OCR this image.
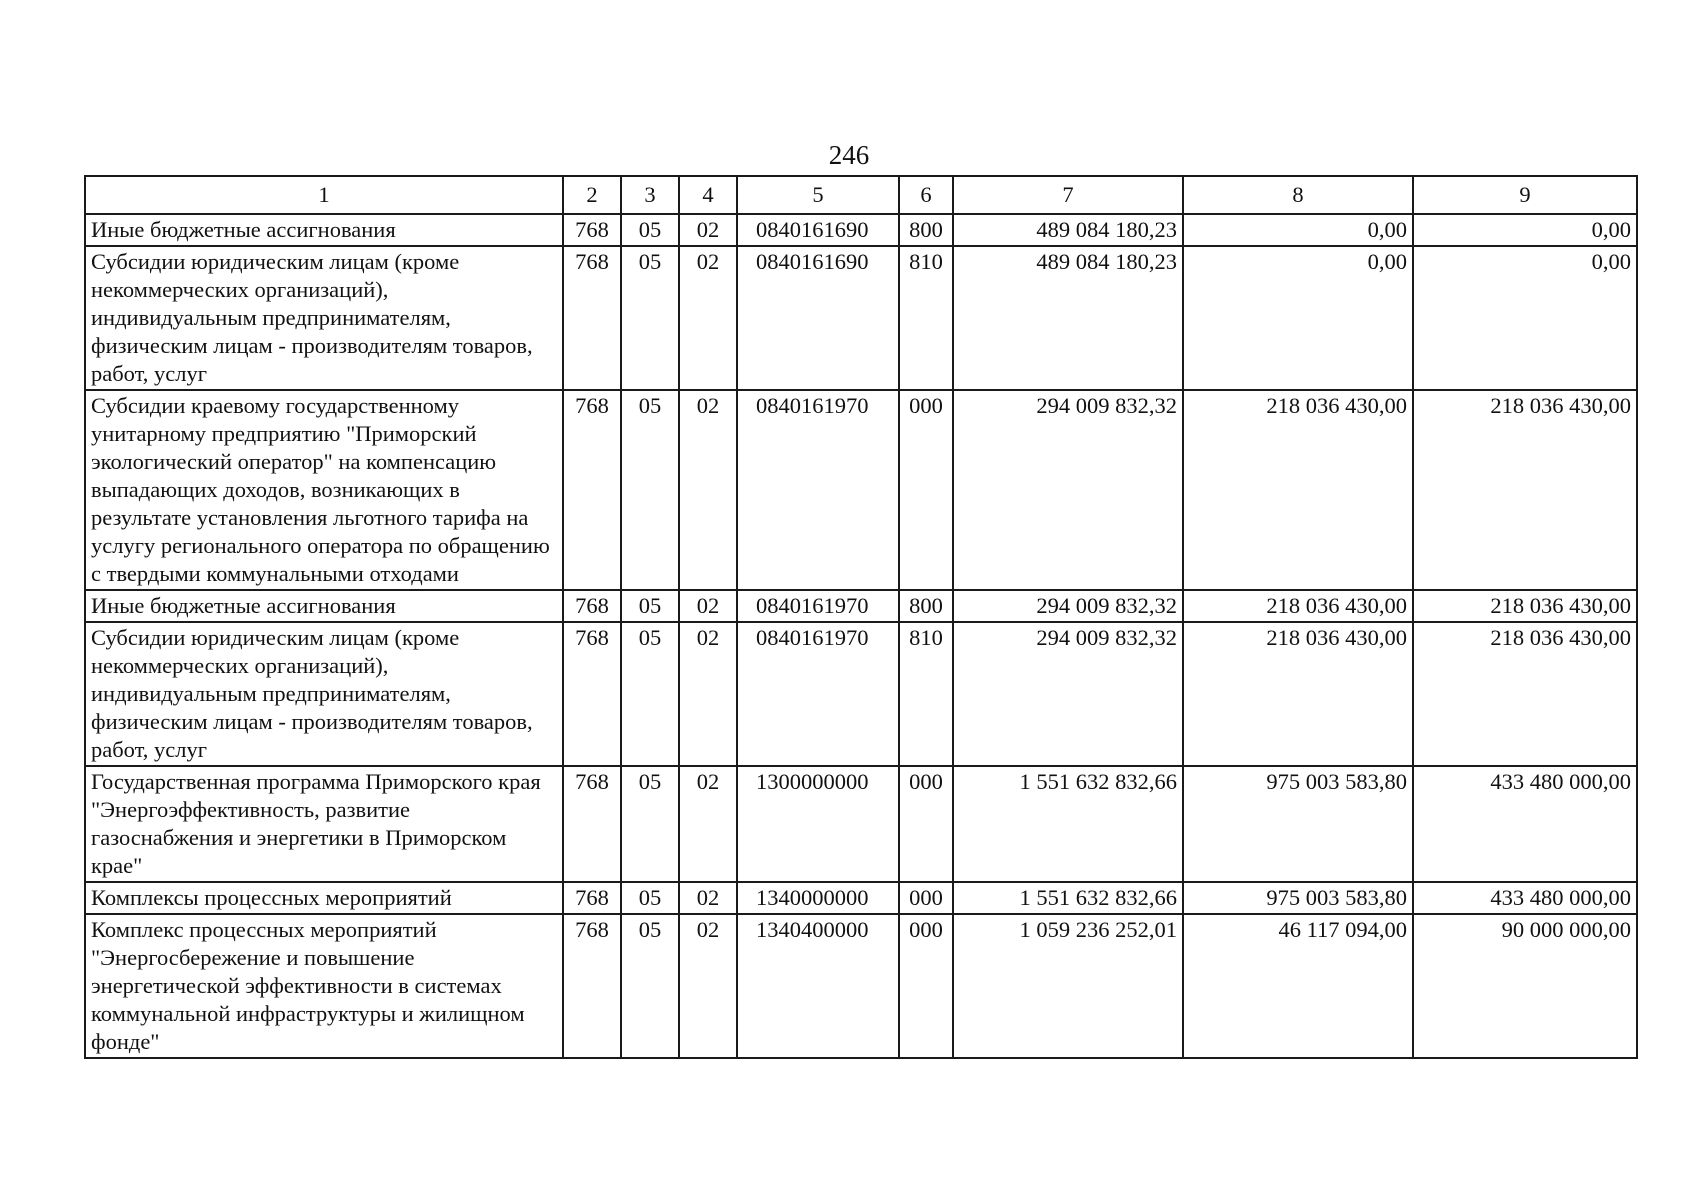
246
1	2	3	4	5	6	7	8	9
Иные бюджетные ассигнования	768	05	02	0840161690	800	489 084 180,23	0,00	0,00
Субсидии юридическим лицам (кроме некоммерческих организаций), индивидуальным предпринимателям, физическим лицам - производителям товаров, работ, услуг	768	05	02	0840161690	810	489 084 180,23	0,00	0,00
Субсидии краевому государственному унитарному предприятию "Приморский экологический оператор" на компенсацию выпадающих доходов, возникающих в результате установления льготного тарифа на услугу регионального оператора по обращению с твердыми коммунальными отходами	768	05	02	0840161970	000	294 009 832,32	218 036 430,00	218 036 430,00
Иные бюджетные ассигнования	768	05	02	0840161970	800	294 009 832,32	218 036 430,00	218 036 430,00
Субсидии юридическим лицам (кроме некоммерческих организаций), индивидуальным предпринимателям, физическим лицам - производителям товаров, работ, услуг	768	05	02	0840161970	810	294 009 832,32	218 036 430,00	218 036 430,00
Государственная программа Приморского края "Энергоэффективность, развитие газоснабжения и энергетики в Приморском крае"	768	05	02	1300000000	000	1 551 632 832,66	975 003 583,80	433 480 000,00
Комплексы процессных мероприятий	768	05	02	1340000000	000	1 551 632 832,66	975 003 583,80	433 480 000,00
Комплекс процессных мероприятий "Энергосбережение и повышение энергетической эффективности в системах коммунальной инфраструктуры и жилищном фонде"	768	05	02	1340400000	000	1 059 236 252,01	46 117 094,00	90 000 000,00
